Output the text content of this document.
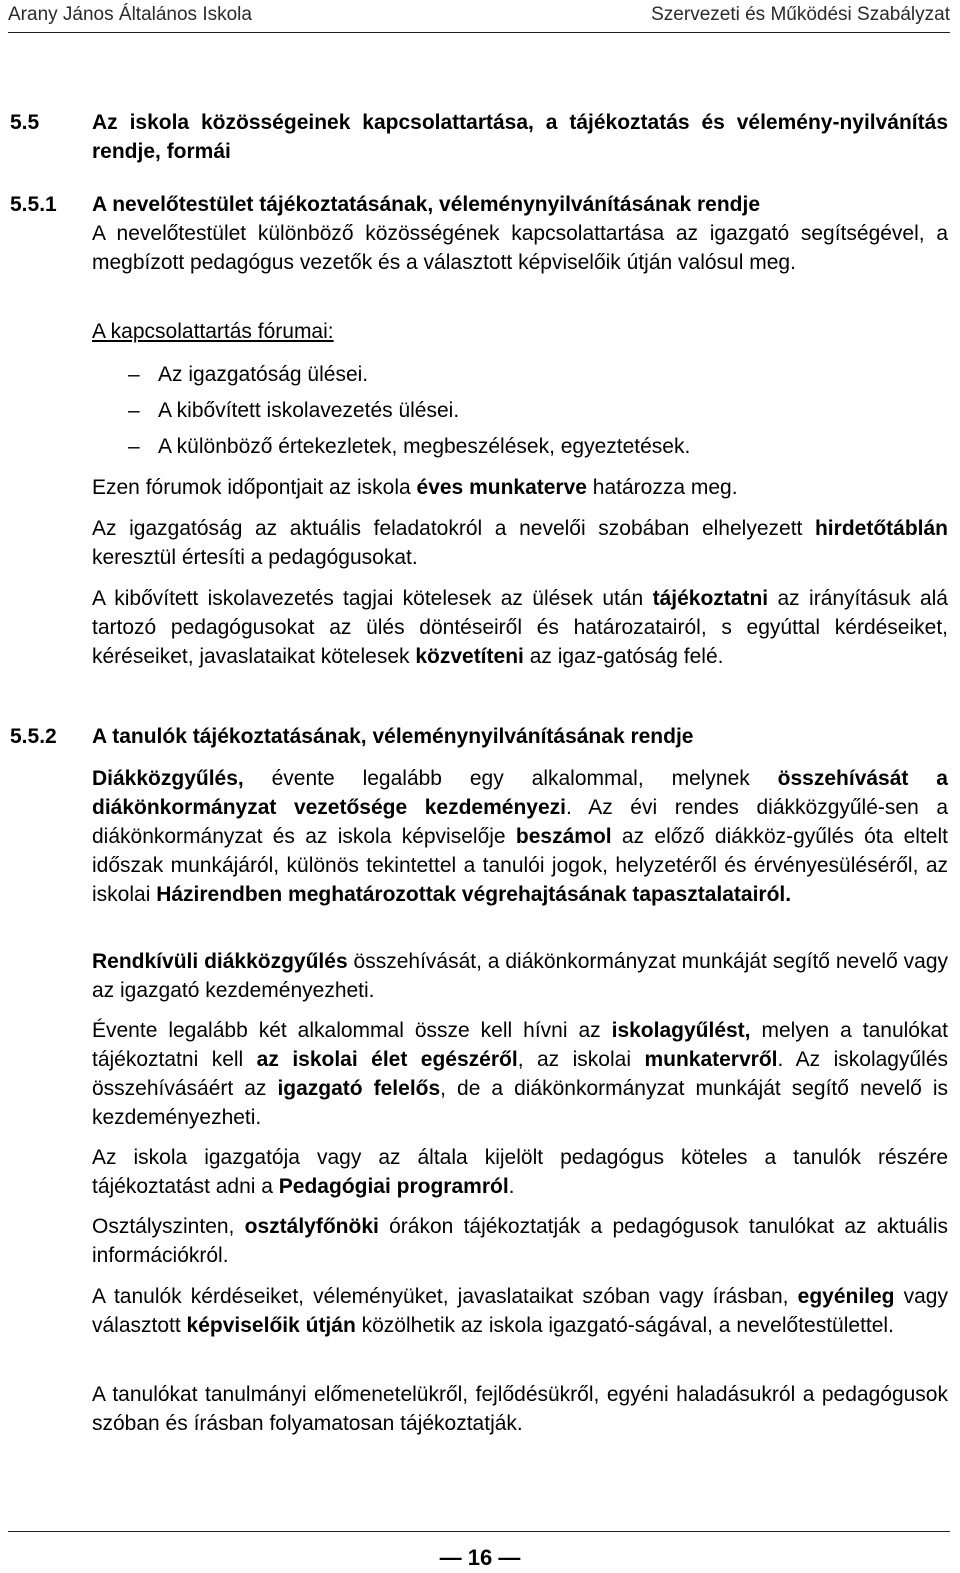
Arany János Általános Iskola	Szervezeti és Működési Szabályzat
5.5	Az iskola közösségeinek kapcsolattartása, a tájékoztatás és vélemény-nyilvánítás rendje, formái
5.5.1 A nevelőtestület tájékoztatásának, véleménynyilvánításának rendje
A nevelőtestület különböző közösségének kapcsolattartása az igazgató segítségével, a megbízott pedagógus vezetők és a választott képviselőik útján valósul meg.
A kapcsolattartás fórumai:
– Az igazgatóság ülései.
– A kibővített iskolavezetés ülései.
– A különböző értekezletek, megbeszélések, egyeztetések.
Ezen fórumok időpontjait az iskola éves munkaterve határozza meg.
Az igazgatóság az aktuális feladatokról a nevelői szobában elhelyezett hirdetőtáblán keresztül értesíti a pedagógusokat.
A kibővített iskolavezetés tagjai kötelesek az ülések után tájékoztatni az irányításuk alá tartozó pedagógusokat az ülés döntéseiről és határozatairól, s egyúttal kérdéseiket, kéréseiket, javaslataikat kötelesek közvetíteni az igaz-gatóság felé.
5.5.2 A tanulók tájékoztatásának, véleménynyilvánításának rendje
Diákközgyűlés, évente legalább egy alkalommal, melynek összehívását a diákönkormányzat vezetősége kezdeményezi. Az évi rendes diákközgyűlé-sen a diákönkormányzat és az iskola képviselője beszámol az előző diákköz-gyűlés óta eltelt időszak munkájáról, különös tekintettel a tanulói jogok, helyzetéről és érvényesüléséről, az iskolai Házirendben meghatározottak végrehajtásának tapasztalatairól.
Rendkívüli diákközgyűlés összehívását, a diákönkormányzat munkáját segítő nevelő vagy az igazgató kezdeményezheti.
Évente legalább két alkalommal össze kell hívni az iskolagyűlést, melyen a tanulókat tájékoztatni kell az iskolai élet egészéről, az iskolai munkatervről. Az iskolagyűlés összehívásáért az igazgató felelős, de a diákönkormányzat munkáját segítő nevelő is kezdeményezheti.
Az iskola igazgatója vagy az általa kijelölt pedagógus köteles a tanulók részére tájékoztatást adni a Pedagógiai programról.
Osztályszinten, osztályfőnöki órákon tájékoztatják a pedagógusok tanulókat az aktuális információkról.
A tanulók kérdéseiket, véleményüket, javaslataikat szóban vagy írásban, egyénileg vagy választott képviselőik útján közölhetik az iskola igazgató-ságával, a nevelőtestülettel.
A tanulókat tanulmányi előmenetelükről, fejlődésükről, egyéni haladásukról a pedagógusok szóban és írásban folyamatosan tájékoztatják.
— 16 —
